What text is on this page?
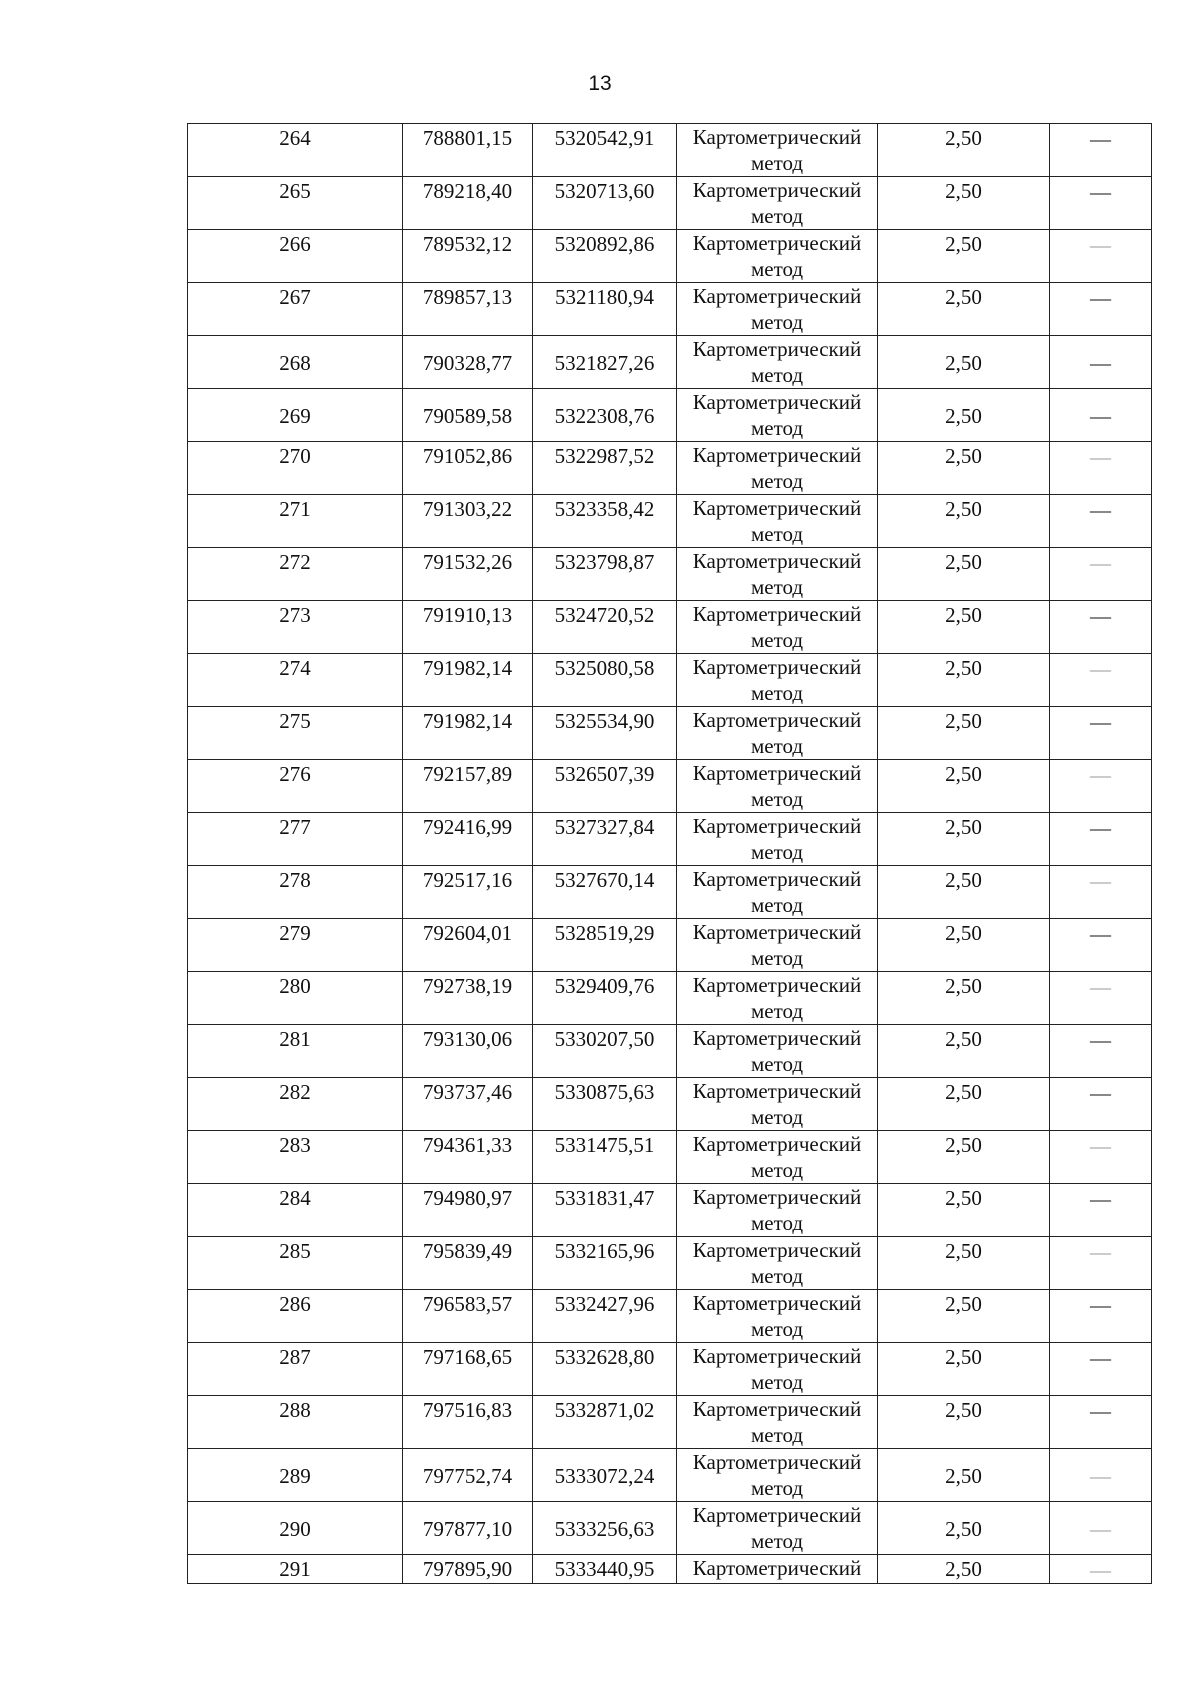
13
264	788801,15	5320542,91	Картометрический метод	2,50	—
265	789218,40	5320713,60	Картометрический метод	2,50	—
266	789532,12	5320892,86	Картометрический метод	2,50	—
267	789857,13	5321180,94	Картометрический метод	2,50	—
268	790328,77	5321827,26	Картометрический метод	2,50	—
269	790589,58	5322308,76	Картометрический метод	2,50	—
270	791052,86	5322987,52	Картометрический метод	2,50	—
271	791303,22	5323358,42	Картометрический метод	2,50	—
272	791532,26	5323798,87	Картометрический метод	2,50	—
273	791910,13	5324720,52	Картометрический метод	2,50	—
274	791982,14	5325080,58	Картометрический метод	2,50	—
275	791982,14	5325534,90	Картометрический метод	2,50	—
276	792157,89	5326507,39	Картометрический метод	2,50	—
277	792416,99	5327327,84	Картометрический метод	2,50	—
278	792517,16	5327670,14	Картометрический метод	2,50	—
279	792604,01	5328519,29	Картометрический метод	2,50	—
280	792738,19	5329409,76	Картометрический метод	2,50	—
281	793130,06	5330207,50	Картометрический метод	2,50	—
282	793737,46	5330875,63	Картометрический метод	2,50	—
283	794361,33	5331475,51	Картометрический метод	2,50	—
284	794980,97	5331831,47	Картометрический метод	2,50	—
285	795839,49	5332165,96	Картометрический метод	2,50	—
286	796583,57	5332427,96	Картометрический метод	2,50	—
287	797168,65	5332628,80	Картометрический метод	2,50	—
288	797516,83	5332871,02	Картометрический метод	2,50	—
289	797752,74	5333072,24	Картометрический метод	2,50	—
290	797877,10	5333256,63	Картометрический метод	2,50	—
291	797895,90	5333440,95	Картометрический	2,50	—
